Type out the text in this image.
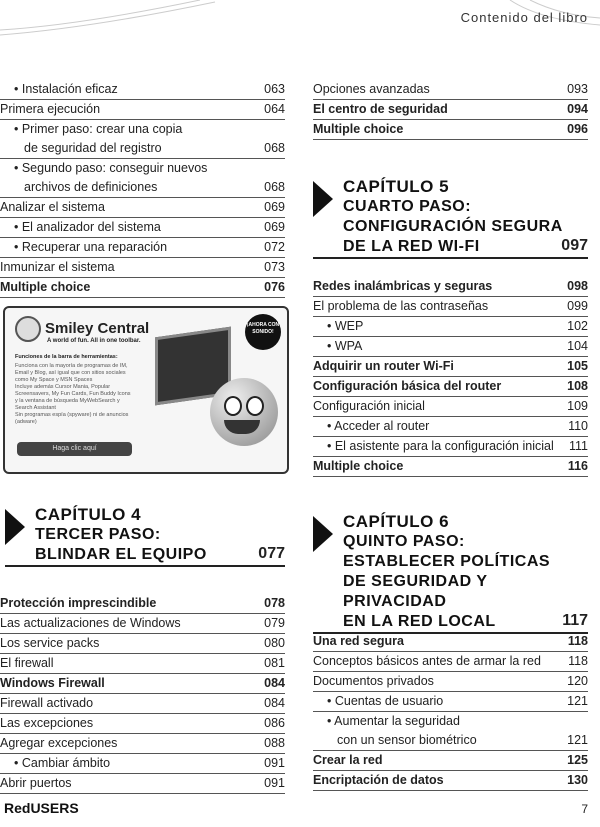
Contenido del libro
• Instalación eficaz	063
Primera ejecución	064
• Primer paso: crear una copia
de seguridad del registro	068
• Segundo paso: conseguir nuevos
archivos de definiciones	068
Analizar el sistema	069
• El analizador del sistema	069
• Recuperar una reparación	072
Inmunizar el sistema	073
Multiple choice	076
Smiley Central
A world of fun. All in one toolbar.
Funciones de la barra de herramientas:
Funciona con la mayoría de programas de IM, Email y Blog, así igual que con sitios sociales como My Space y MSN Spaces
Incluye además Cursor Mania, Popular Screensavers, My Fun Cards, Fun Buddy Icons y la ventana de búsqueda MyWebSearch y Search Assistant
Sin programas espía (spyware) ni de anuncios (adware)
Haga clic aquí
¡AHORA CON SONIDO!
CAPÍTULO 4
TERCER PASO:
BLINDAR EL EQUIPO	077
Protección imprescindible	078
Las actualizaciones de Windows	079
Los service packs	080
El firewall	081
Windows Firewall	084
Firewall activado	084
Las excepciones	086
Agregar excepciones	088
• Cambiar ámbito	091
Abrir puertos	091
Opciones avanzadas	093
El centro de seguridad	094
Multiple choice	096
CAPÍTULO 5
CUARTO PASO:
CONFIGURACIÓN SEGURA
DE LA RED WI-FI	097
Redes inalámbricas y seguras	098
El problema de las contraseñas	099
• WEP	102
• WPA	104
Adquirir un router Wi-Fi	105
Configuración básica del router	108
Configuración inicial	109
• Acceder al router	110
• El asistente para la configuración inicial	111
Multiple choice	116
CAPÍTULO 6
QUINTO PASO:
ESTABLECER POLÍTICAS
DE SEGURIDAD Y PRIVACIDAD
EN LA RED LOCAL	117
Una red segura	118
Conceptos básicos antes de armar la red	118
Documentos privados	120
• Cuentas de usuario	121
• Aumentar la seguridad
con un sensor biométrico	121
Crear la red	125
Encriptación de datos	130
RedUSERS	7
